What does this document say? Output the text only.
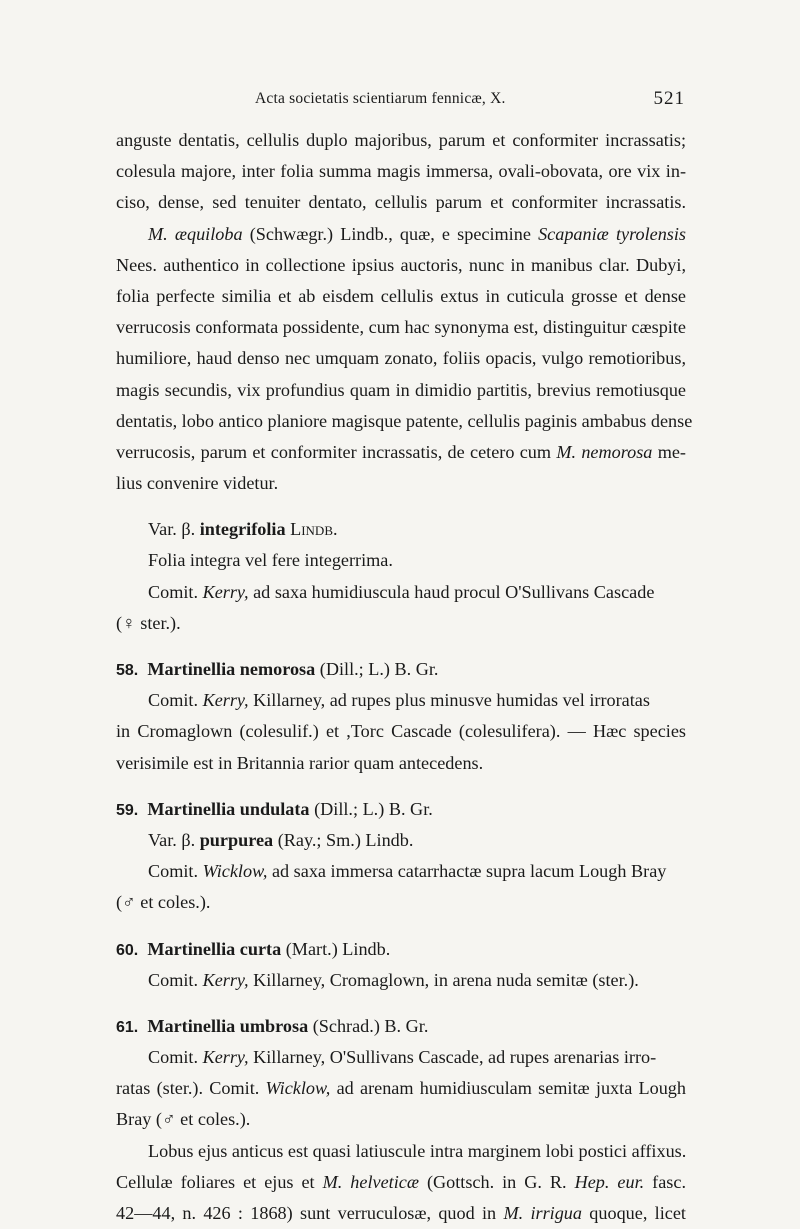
Acta societatis scientiarum fennicæ, X.	521
anguste dentatis, cellulis duplo majoribus, parum et conformiter incrassatis;
colesula majore, inter folia summa magis immersa, ovali-obovata, ore vix in-
ciso, dense, sed tenuiter dentato, cellulis parum et conformiter incrassatis.
M. æquiloba (Schwægr.) Lindb., quæ, e specimine Scapaniæ tyrolensis
Nees. authentico in collectione ipsius auctoris, nunc in manibus clar. Dubyi,
folia perfecte similia et ab eisdem cellulis extus in cuticula grosse et dense
verrucosis conformata possidente, cum hac synonyma est, distinguitur cæspite
humiliore, haud denso nec umquam zonato, foliis opacis, vulgo remotioribus,
magis secundis, vix profundius quam in dimidio partitis, brevius remotiusque
dentatis, lobo antico planiore magisque patente, cellulis paginis ambabus dense
verrucosis, parum et conformiter incrassatis, de cetero cum M. nemorosa me-
lius convenire videtur.
Var. β. integrifolia Lindb.
Folia integra vel fere integerrima.
Comit. Kerry, ad saxa humidiuscula haud procul O'Sullivans Cascade
(♀ ster.).
58. Martinellia nemorosa (Dill.; L.) B. Gr.
Comit. Kerry, Killarney, ad rupes plus minusve humidas vel irroratas
in Cromaglown (colesulif.) et ,Torc Cascade (colesulifera). — Hæc species
verisimile est in Britannia rarior quam antecedens.
59. Martinellia undulata (Dill.; L.) B. Gr.
Var. β. purpurea (Ray.; Sm.) Lindb.
Comit. Wicklow, ad saxa immersa catarrhactæ supra lacum Lough Bray
(♂ et coles.).
60. Martinellia curta (Mart.) Lindb.
Comit. Kerry, Killarney, Cromaglown, in arena nuda semitæ (ster.).
61. Martinellia umbrosa (Schrad.) B. Gr.
Comit. Kerry, Killarney, O'Sullivans Cascade, ad rupes arenarias irro-
ratas (ster.). Comit. Wicklow, ad arenam humidiusculam semitæ juxta Lough
Bray (♂ et coles.).
Lobus ejus anticus est quasi latiuscule intra marginem lobi postici affixus.
Cellulæ foliares et ejus et M. helveticæ (Gottsch. in G. R. Hep. eur. fasc.
42—44, n. 426 : 1868) sunt verruculosæ, quod in M. irrigua quoque, licet
